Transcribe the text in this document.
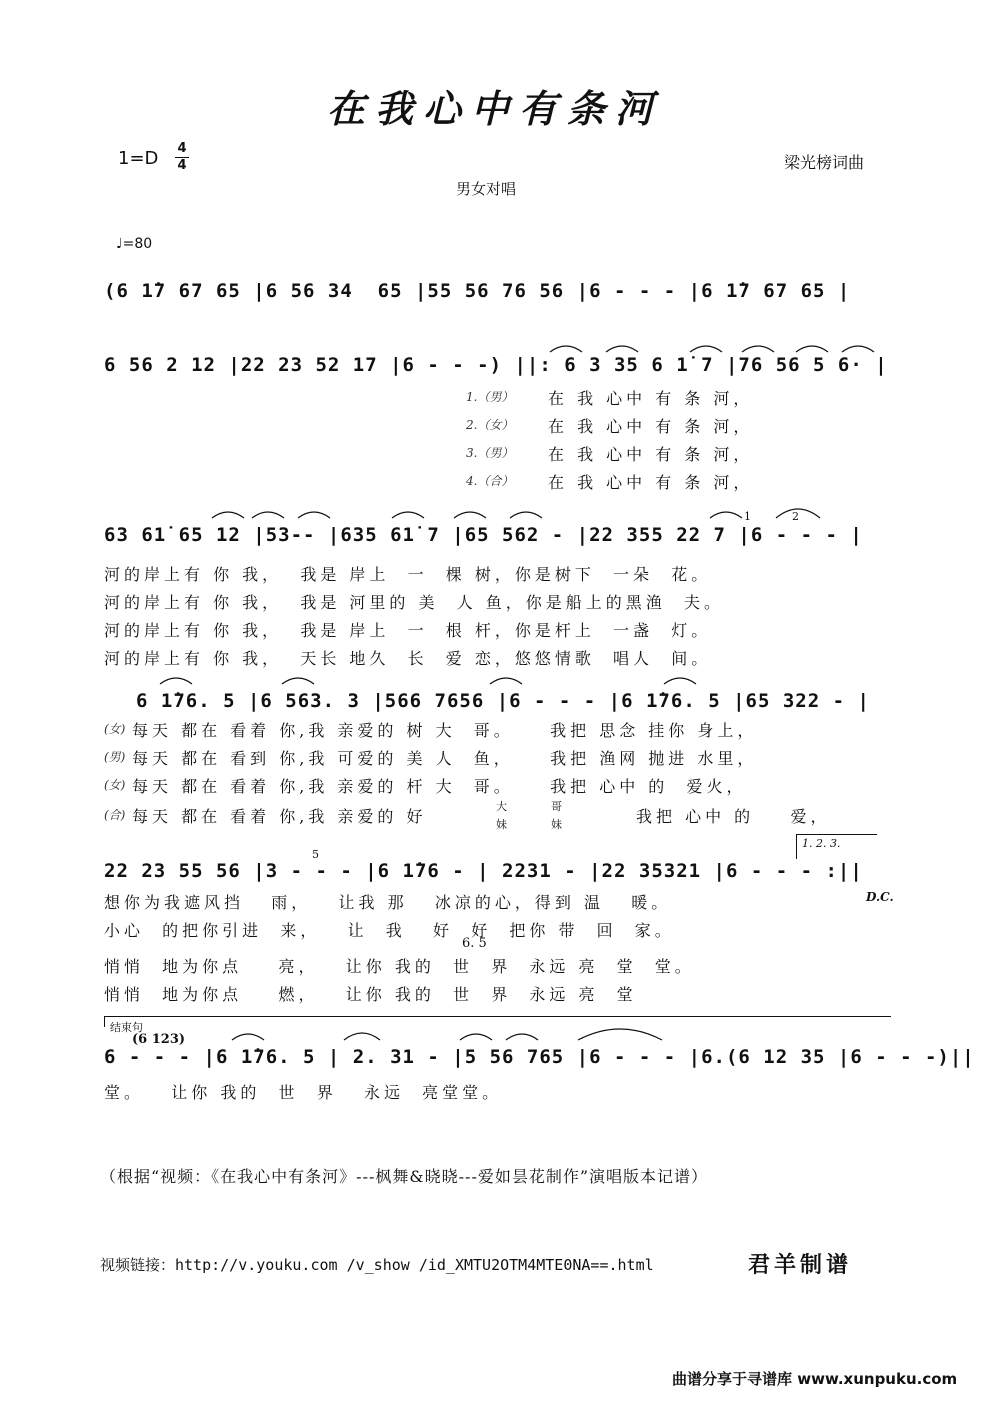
在我心中有条河
1=D 4
4	梁光榜词曲
男女对唱
♩=80
(6 1̇7 67 65 |6 56 34  65 |55 56 76 56 |6 - - - |6 1̇7 67 65 |
6 56 2 12 |22 23 52 17 |6 - - -) ||: 6 3 35 6 1̇ 7 |76 56 5 6· |
1.（男） 在 我 心中 有 条 河，
2.（女） 在 我 心中 有 条 河，
3.（男） 在 我 心中 有 条 河，
4.（合） 在 我 心中 有 条 河，
1	2
63 61̇ 65 12 |53-- |635 61̇ 7 |65 562 - |22 355 22 7 |6 - - - |
河的岸上有 你 我，  我是 岸上  一  棵 树，你是树下  一朵  花。
河的岸上有 你 我，  我是 河里的 美  人 鱼，你是船上的黑渔  夫。
河的岸上有 你 我，  我是 岸上  一  根 杆，你是杆上  一盏  灯。
河的岸上有 你 我，  天长 地久  长  爱 恋，悠悠情歌  唱人  间。
6 1̇76. 5 |6 563. 3 |566 7656 |6 - - - |6 1̇76. 5 |65 322 - |
(女) 每天 都在 看着 你,我 亲爱的 树 大  哥。    我把 思念 挂你 身上，
(男) 每天 都在 看到 你,我 可爱的 美 人  鱼，    我把 渔网 抛进 水里，
(女) 每天 都在 看着 你,我 亲爱的 杆 大  哥。    我把 心中 的  爱火，
(合) 每天 都在 看着 你,我 亲爱的 好
大    哥
妹    妹	我把 心中 的    爱，
1. 2. 3.
5
22 23 55 56 |3 - - - |6 1̇76 - | 2231 - |22 35321 |6 - - - :||
D.C.
想你为我遮风挡   雨，   让我 那   冰凉的心，得到 温   暖。
小心  的把你引进  来，   让  我   好  好  把你 带  回  家。
6. 5
悄悄  地为你点    亮，   让你 我的  世  界  永远 亮  堂  堂。
悄悄  地为你点    燃，   让你 我的  世  界  永远 亮  堂
结束句
(6 123)
6 - - - |6 1̇76. 5 | 2. 31 - |5 56 765 |6 - - - |6.(6 12 35 |6 - - -)||
堂。   让你 我的  世  界   永远  亮堂堂。
（根据“视频：《在我心中有条河》---枫舞&晓晓---爱如昙花制作”演唱版本记谱）
视频链接：http://v.youku.com /v_show /id_XMTU2OTM4MTE0NA==.html	君羊制谱
曲谱分享于寻谱库 www.xunpuku.com
